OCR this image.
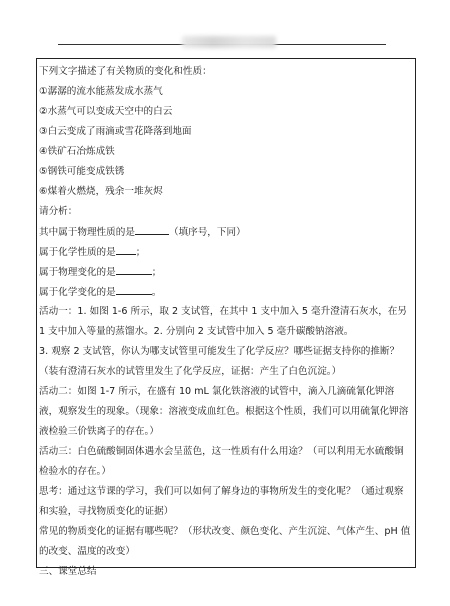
下列文字描述了有关物质的变化和性质：
①潺潺的流水能蒸发成水蒸气
②水蒸气可以变成天空中的白云
③白云变成了雨滴或雪花降落到地面
④铁矿石冶炼成铁
⑤钢铁可能变成铁锈
⑥煤着火燃烧，残余一堆灰烬
请分析：
其中属于物理性质的是	（填序号，下同）
属于化学性质的是 ；
属于物理变化的是	；
属于化学变化的是	。
活动一：1. 如图 1-6 所示，取 2 支试管，在其中 1 支中加入 5 毫升澄清石灰水，在另 1 支中加入等量的蒸馏水。2. 分别向 2 支试管中加入 5 毫升碳酸钠溶液。
3. 观察 2 支试管，你认为哪支试管里可能发生了化学反应？哪些证据支持你的推断？（装有澄清石灰水的试管里发生了化学反应，证据：产生了白色沉淀。）
活动二：如图 1-7 所示，在盛有 10 mL 氯化铁溶液的试管中，滴入几滴硫氰化钾溶液，观察发生的现象。（现象：溶液变成血红色。根据这个性质，我们可以用硫氰化钾溶液检验三价铁离子的存在。）
活动三：白色硫酸铜固体遇水会呈蓝色，这一性质有什么用途？（可以利用无水硫酸铜检验水的存在。）
思考：通过这节课的学习，我们可以如何了解身边的事物所发生的变化呢？（通过观察和实验，寻找物质变化的证据）
常见的物质变化的证据有哪些呢？（形状改变、颜色变化、产生沉淀、气体产生、pH 值的改变、温度的改变）
三、课堂总结
